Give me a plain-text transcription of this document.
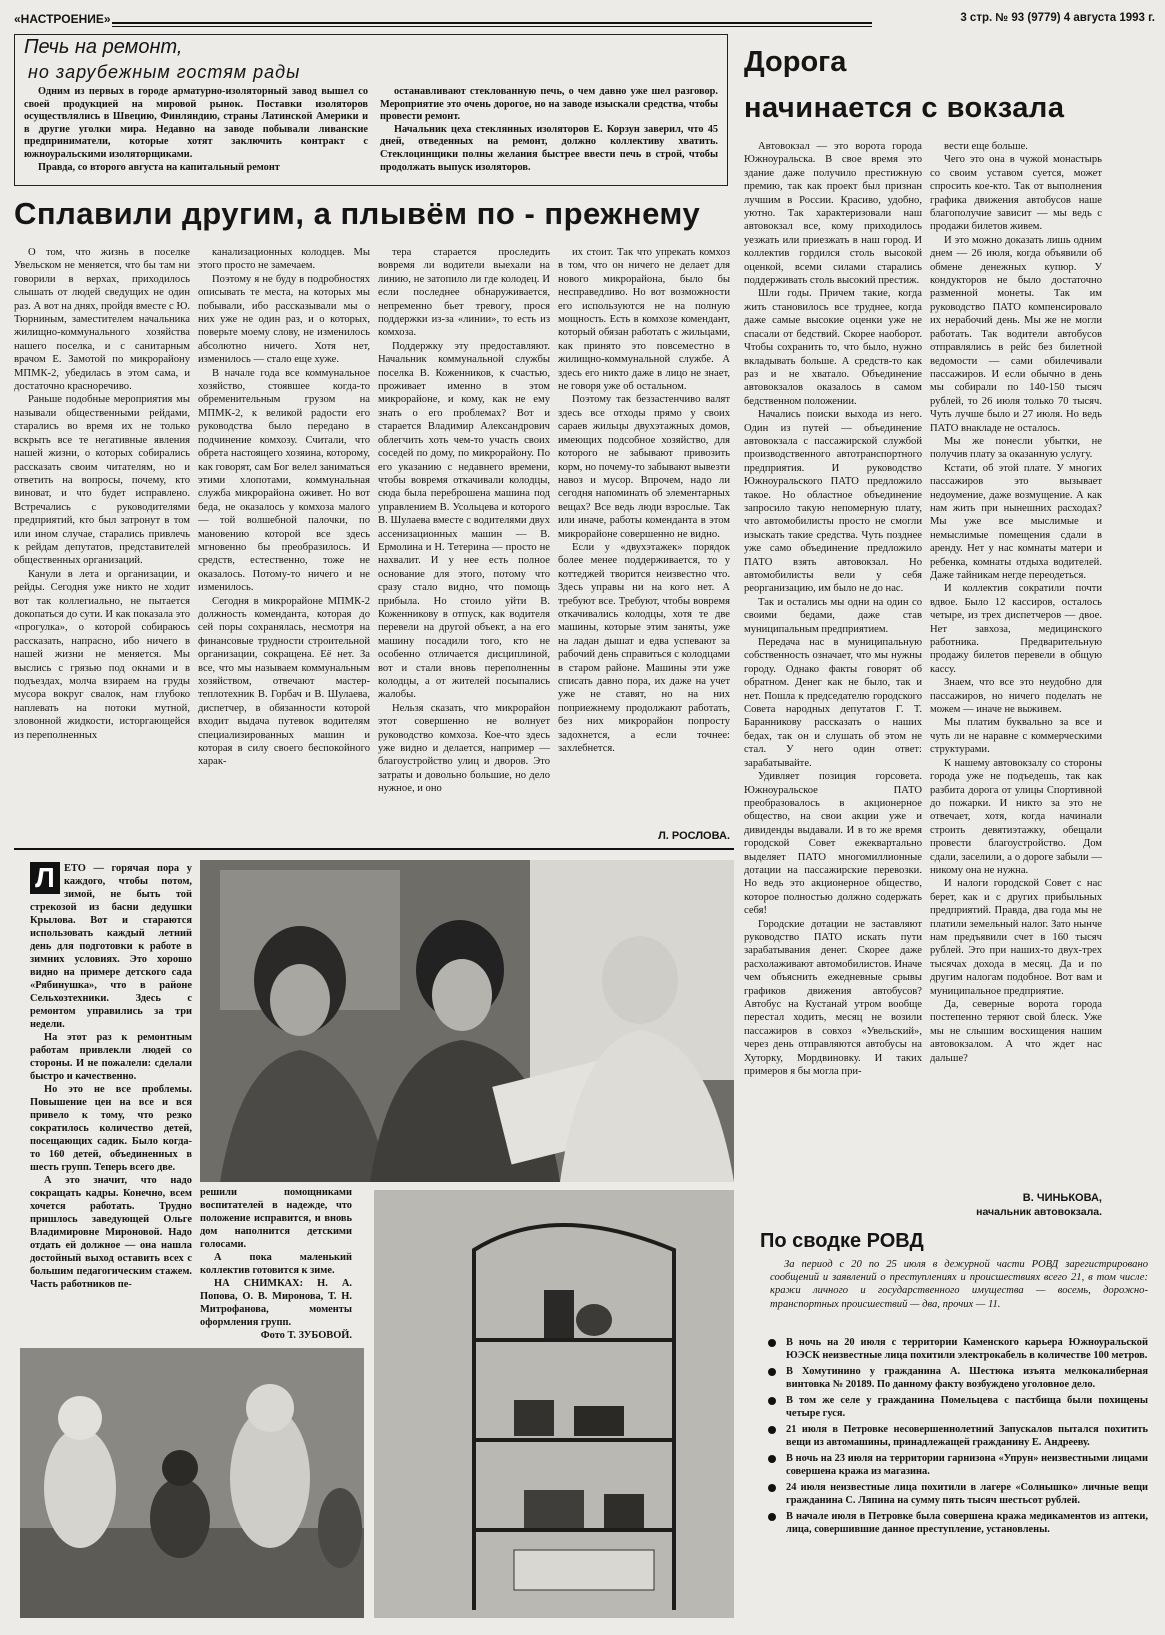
«НАСТРОЕНИЕ»	3 стр. № 93 (9779) 4 августа 1993 г.
Печь на ремонт,
но зарубежным гостям рады

Одним из первых в городе арматурно-изоляторный завод вышел со своей продукцией на мировой рынок. Поставки изоляторов осуществлялись в Швецию, Финляндию, страны Латинской Америки и в другие уголки мира. Недавно на заводе побывали ливанские предприниматели, которые хотят заключить контракт с южноуральскими изоляторщиками.

Правда, со второго августа на капитальный ремонт

останавливают стеклованную печь, о чем давно уже шел разговор. Мероприятие это очень дорогое, но на заводе изыскали средства, чтобы провести ремонт.

Начальник цеха стеклянных изоляторов Е. Корзун заверил, что 45 дней, отведенных на ремонт, должно коллективу хватить. Стеклоцинщики полны желания быстрее ввести печь в строй, чтобы продолжать выпуск изоляторов.

Сплавили другим, а плывём по - прежнему

О том, что жизнь в поселке Увельском не меняется, что бы там ни говорили в верхах, приходилось слышать от людей сведущих не один раз. А вот на днях, пройдя вместе с Ю. Тюрниным, заместителем начальника жилищно-коммунального хозяйства нашего поселка, и с санитарным врачом Е. Замотой по микрорайону МПМК-2, убедилась в этом сама, и достаточно красноречиво.

Раньше подобные мероприятия мы называли общественными рейдами, старались во время их не только вскрыть все те негативные явления нашей жизни, о которых собирались рассказать своим читателям, но и ответить на вопросы, почему, кто виноват, и что будет исправлено. Встречались с руководителями предприятий, кто был затронут в том или ином случае, старались привлечь к рейдам депутатов, представителей общественных организаций.

Канули в лета и организации, и рейды. Сегодня уже никто не ходит вот так коллегиально, не пытается докопаться до сути. И как показала это «прогулка», о которой собираюсь рассказать, напрасно, ибо ничего в нашей жизни не меняется. Мы выслись с грязью под окнами и в подъездах, молча взираем на груды мусора вокруг свалок, нам глубоко наплевать на потоки мутной, зловонной жидкости, исторгающейся из переполненных

канализационных колодцев. Мы этого просто не замечаем.

Поэтому я не буду в подробностях описывать те места, на которых мы побывали, ибо рассказывали мы о них уже не один раз, и о которых, поверьте моему слову, не изменилось абсолютно ничего. Хотя нет, изменилось — стало еще хуже.

В начале года все коммунальное хозяйство, стоявшее когда-то обременительным грузом на МПМК-2, к великой радости его руководства было передано в подчинение комхозу. Считали, что обрета настоящего хозяина, которому, как говорят, сам Бог велел заниматься этими хлопотами, коммунальная служба микрорайона оживет. Но вот беда, не оказалось у комхоза малого — той волшебной палочки, по мановению которой все здесь мгновенно бы преобразилось. И средств, естественно, тоже не оказалось. Потому-то ничего и не изменилось.

Сегодня в микрорайоне МПМК-2 должность коменданта, которая до сей поры сохранялась, несмотря на финансовые трудности строительной организации, сокращена. Её нет. За все, что мы называем коммунальным хозяйством, отвечают мастер-теплотехник В. Горбач и В. Шулаева, диспетчер, в обязанности которой входит выдача путевок водителям специализированных машин и которая в силу своего беспокойного харак-

тера старается проследить вовремя ли водители выехали на линию, не затопило ли где колодец. И если последнее обнаруживается, непременно бьет тревогу, прося поддержки из-за «линии», то есть из комхоза.

Поддержку эту предоставляют. Начальник коммунальной службы поселка В. Коженников, к счастью, проживает именно в этом микрорайоне, и кому, как не ему знать о его проблемах? Вот и старается Владимир Александрович облегчить хоть чем-то участь своих соседей по дому, по микрорайону. По его указанию с недавнего времени, чтобы вовремя откачивали колодцы, сюда была переброшена машина под управлением В. Усольцева и которого В. Шулаева вместе с водителями двух ассенизационных машин — В. Ермолина и Н. Тетерина — просто не нахвалит. И у нее есть полное основание для этого, потому что сразу стало видно, что помощь прибыла. Но стоило уйти В. Коженникову в отпуск, как водителя перевели на другой объект, а на его машину посадили того, кто не особенно отличается дисциплиной, вот и стали вновь переполненны колодцы, а от жителей посыпались жалобы.

Нельзя сказать, что микрорайон этот совершенно не волнует руководство комхоза. Кое-что здесь уже видно и делается, например — благоустройство улиц и дворов. Это затраты и довольно большие, но дело нужное, и оно

их стоит. Так что упрекать комхоз в том, что он ничего не делает для нового микрорайона, было бы несправедливо. Но вот возможности его используются не на полную мощность. Есть в комхозе комендант, который обязан работать с жильцами, как принято это повсеместно в жилищно-коммунальной службе. А здесь его никто даже в лицо не знает, не говоря уже об остальном.

Поэтому так беззастенчиво валят здесь все отходы прямо у своих сараев жильцы двухэтажных домов, имеющих подсобное хозяйство, для которого не забывают привозить корм, но почему-то забывают вывезти навоз и мусор. Впрочем, надо ли сегодня напоминать об элементарных вещах? Все ведь люди взрослые. Так или иначе, работы коменданта в этом микрорайоне совершенно не видно.

Если у «двухэтажек» порядок более менее поддерживается, то у коттеджей творится неизвестно что. Здесь управы ни на кого нет. А требуют все. Требуют, чтобы вовремя откачивались колодцы, хотя те две машины, которые этим заняты, уже на ладан дышат и едва успевают за рабочий день справиться с колодцами в старом районе. Машины эти уже списать давно пора, их даже на учет уже не ставят, но на них поприежнему продолжают работать, без них микрорайон попросту задохнется, а если точнее: захлебнется.

Л. РОСЛОВА.
Дорога
начинается с вокзала

Автовокзал — это ворота города Южноуральска. В свое время это здание даже получило престижную премию, так как проект был признан лучшим в России. Красиво, удобно, уютно. Так характеризовали наш автовокзал все, кому приходилось уезжать или приезжать в наш город. И коллектив гордился столь высокой оценкой, всеми силами старались поддерживать столь высокий престиж.

Шли годы. Причем такие, когда жить становилось все труднее, когда даже самые высокие оценки уже не спасали от бедствий. Скорее наоборот. Чтобы сохранить то, что было, нужно вкладывать больше. А средств-то как раз и не хватало. Объединение автовокзалов оказалось в самом бедственном положении.

Начались поиски выхода из него. Один из путей — объединение автовокзала с пассажирской службой производственного автотранспортного предприятия. И руководство Южноуральского ПАТО предложило такое. Но областное объединение запросило такую непомерную плату, что автомобилисты просто не смогли изыскать такие средства. Чуть позднее уже само объединение предложило ПАТО взять автовокзал. Но автомобилисты вели у себя реорганизацию, им было не до нас.

Так и остались мы одни на один со своими бедами, даже став муниципальным предприятием.

Передача нас в муниципальную собственность означает, что мы нужны городу. Однако факты говорят об обратном. Денег как не было, так и нет. Пошла к председателю городского Совета народных депутатов Г. Т. Баранникову рассказать о наших бедах, так он и слушать об этом не стал. У него один ответ: зарабатывайте.

Удивляет позиция горсовета. Южноуральское ПАТО преобразовалось в акционерное общество, на свои акции уже и дивиденды выдавали. И в то же время городской Совет ежеквартально выделяет ПАТО многомиллионные дотации на пассажирские перевозки. Но ведь это акционерное общество, которое полностью должно содержать себя!

Городские дотации не заставляют руководство ПАТО искать пути зарабатывания денег. Скорее даже расхолаживают автомобилистов. Иначе чем объяснить ежедневные срывы графиков движения автобусов? Автобус на Кустанай утром вообще перестал ходить, месяц не возили пассажиров в совхоз «Увельский», через день отправляются автобусы на Хуторку, Мордвиновку. И таких примеров я бы могла при-

вести еще больше.

Чего это она в чужой монастырь со своим уставом суется, может спросить кое-кто. Так от выполнения графика движения автобусов наше благополучие зависит — мы ведь с продажи билетов живем.

И это можно доказать лишь одним днем — 26 июля, когда объявили об обмене денежных купюр. У кондукторов не было достаточно разменной монеты. Так им руководство ПАТО компенсировало их нерабочий день. Мы же не могли работать. Так водители автобусов отправлялись в рейс без билетной ведомости — сами обилечивали пассажиров. И если обычно в день мы собирали по 140-150 тысяч рублей, то 26 июля только 70 тысяч. Чуть лучше было и 27 июля. Но ведь ПАТО внакладе не осталось.

Мы же понесли убытки, не получив плату за оказанную услугу.

Кстати, об этой плате. У многих пассажиров это вызывает недоумение, даже возмущение. А как нам жить при нынешних расходах? Мы уже все мыслимые и немыслимые помещения сдали в аренду. Нет у нас комнаты матери и ребенка, комнаты отдыха водителей. Даже тайникам негде переодеться.

И коллектив сократили почти вдвое. Было 12 кассиров, осталось четыре, из трех диспетчеров — двое. Нет завхоза, медицинского работника. Предварительную продажу билетов перевели в общую кассу.

Знаем, что все это неудобно для пассажиров, но ничего поделать не можем — иначе не выживем.

Мы платим буквально за все и чуть ли не наравне с коммерческими структурами.

К нашему автовокзалу со стороны города уже не подъедешь, так как разбита дорога от улицы Спортивной до пожарки. И никто за это не отвечает, хотя, когда начинали строить девятиэтажку, обещали провести благоустройство. Дом сдали, заселили, а о дороге забыли — никому она не нужна.

И налоги городской Совет с нас берет, как и с других прибыльных предприятий. Правда, два года мы не платили земельный налог. Зато нынче нам предъявили счет в 160 тысяч рублей. Это при наших-то двух-трех тысячах дохода в месяц. Да и по другим налогам подобное. Вот вам и муниципальное предприятие.

Да, северные ворота города постепенно теряют свой блеск. Уже мы не слышим восхищения нашим автовокзалом. А что ждет нас дальше?

В. ЧИНЬКОВА,
начальник автовокзала.
Л ЕТО — горячая пора у каждого, чтобы потом, зимой, не быть той стрекозой из басни дедушки Крылова. Вот и стараются использовать каждый летний день для подготовки к работе в зимних условиях. Это хорошо видно на примере детского сада «Рябинушка», что в районе Сельхозтехники. Здесь с ремонтом управились за три недели.

На этот раз к ремонтным работам привлекли людей со стороны. И не пожалели: сделали быстро и качественно.

Но это не все проблемы. Повышение цен на все и вся привело к тому, что резко сократилось количество детей, посещающих садик. Было когда-то 160 детей, объединенных в шесть групп. Теперь всего две.

А это значит, что надо сокращать кадры. Конечно, всем хочется работать. Трудно пришлось заведующей Ольге Владимировне Мироновой. Надо отдать ей должное — она нашла достойный выход оставить всех с большим педагогическим стажем. Часть работников пе-

решили помощниками воспитателей в надежде, что положение исправится, и вновь дом наполнится детскими голосами.

А пока маленький коллектив готовится к зиме.

НА СНИМКАХ: Н. А. Попова, О. В. Миронова, Т. Н. Митрофанова, моменты оформления групп.

Фото Т. ЗУБОВОЙ.
По сводке РОВД

За период с 20 по 25 июля в дежурной части РОВД зарегистрировано сообщений и заявлений о преступлениях и происшествиях всего 21, в том числе: кражи личного и государственного имущества — восемь, дорожно-транспортных происшествий — два, прочих — 11.

В ночь на 20 июля с территории Каменского карьера Южноуральской ЮЭСК неизвестные лица похитили электрокабель в количестве 100 метров.
В Хомутинино у гражданина А. Шестюка изъята мелкокалиберная винтовка № 20189. По данному факту возбуждено уголовное дело.
В том же селе у гражданина Помельцева с пастбища были похищены четыре гуся.
21 июля в Петровке несовершеннолетний Запускалов пытался похитить вещи из автомашины, принадлежащей гражданину Е. Андрееву.
В ночь на 23 июля на территории гарнизона «Упрун» неизвестными лицами совершена кража из магазина.
24 июля неизвестные лица похитили в лагере «Солнышко» личные вещи гражданина С. Ляпина на сумму пять тысяч шестьсот рублей.
В начале июля в Петровке была совершена кража медикаментов из аптеки, лица, совершившие данное преступление, установлены.
